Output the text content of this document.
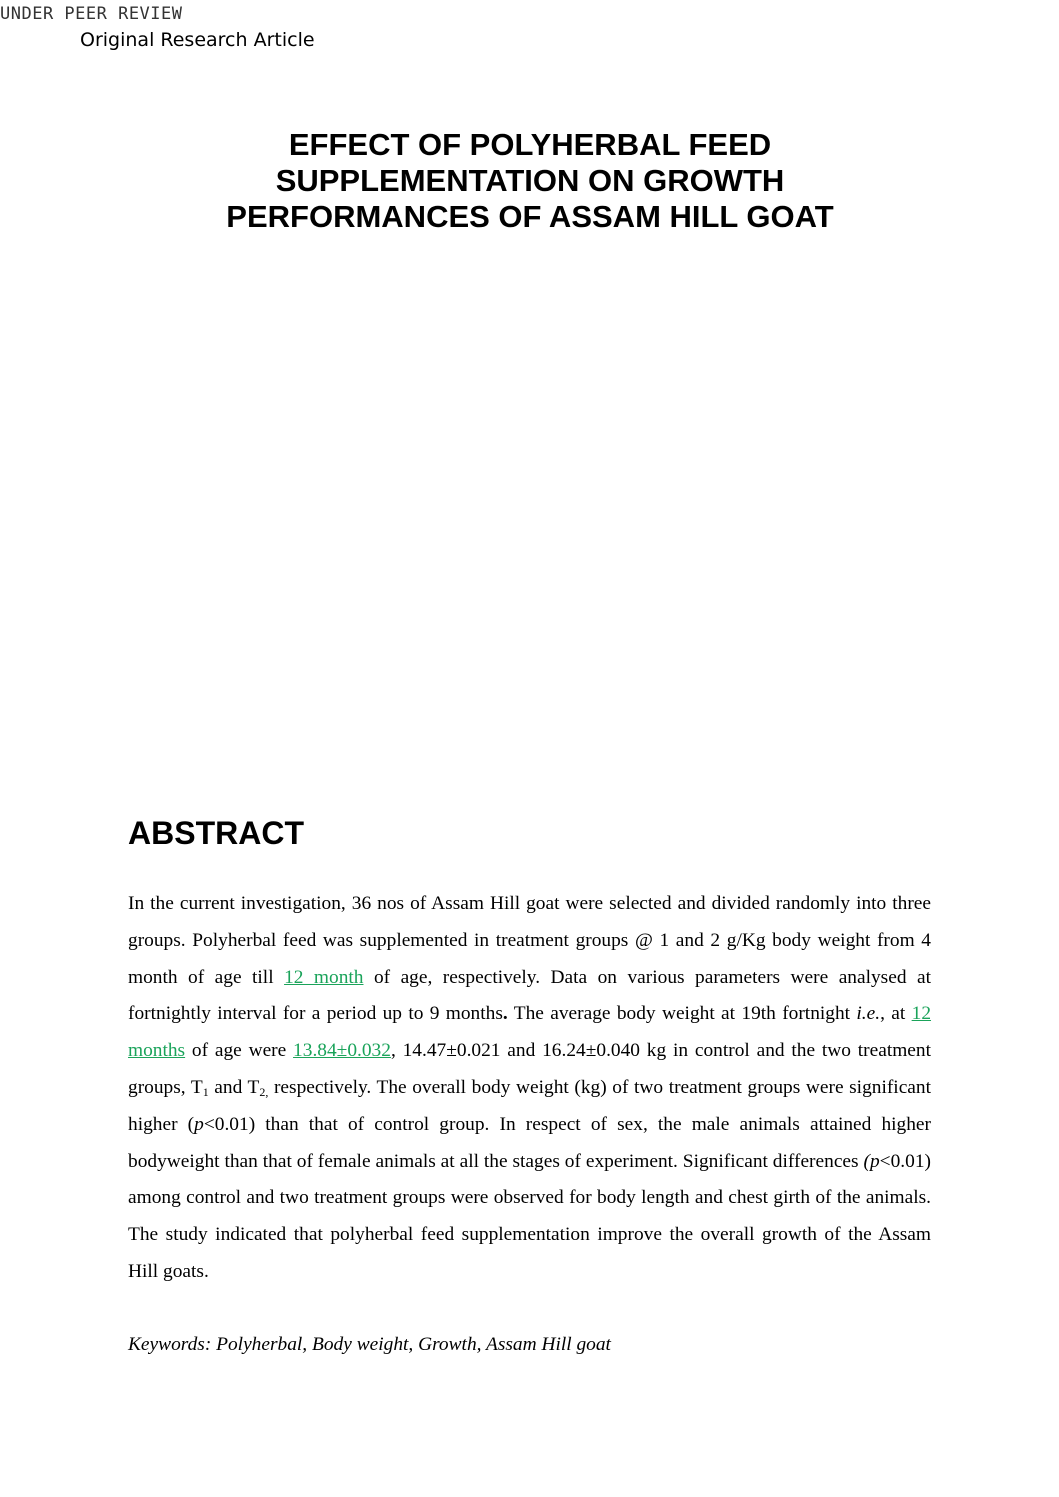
UNDER PEER REVIEW
Original Research Article
EFFECT OF POLYHERBAL FEED
SUPPLEMENTATION ON GROWTH
PERFORMANCES OF ASSAM HILL GOAT
ABSTRACT

In the current investigation, 36 nos of Assam Hill goat were selected and divided randomly into three groups. Polyherbal feed was supplemented in treatment groups @ 1 and 2 g/Kg body weight from 4 month of age till 12 month of age, respectively. Data on various parameters were analysed at fortnightly interval for a period up to 9 months. The average body weight at 19th fortnight i.e., at 12 months of age were 13.84±0.032, 14.47±0.021 and 16.24±0.040 kg in control and the two treatment groups, $T_1$ and $T_{2,}$ respectively. The overall body weight (kg) of two treatment groups were significant higher (p<0.01) than that of control group. In respect of sex, the male animals attained higher bodyweight than that of female animals at all the stages of experiment. Significant differences (p<0.01) among control and two treatment groups were observed for body length and chest girth of the animals. The study indicated that polyherbal feed supplementation improve the overall growth of the Assam Hill goats.

Keywords: Polyherbal, Body weight, Growth, Assam Hill goat
